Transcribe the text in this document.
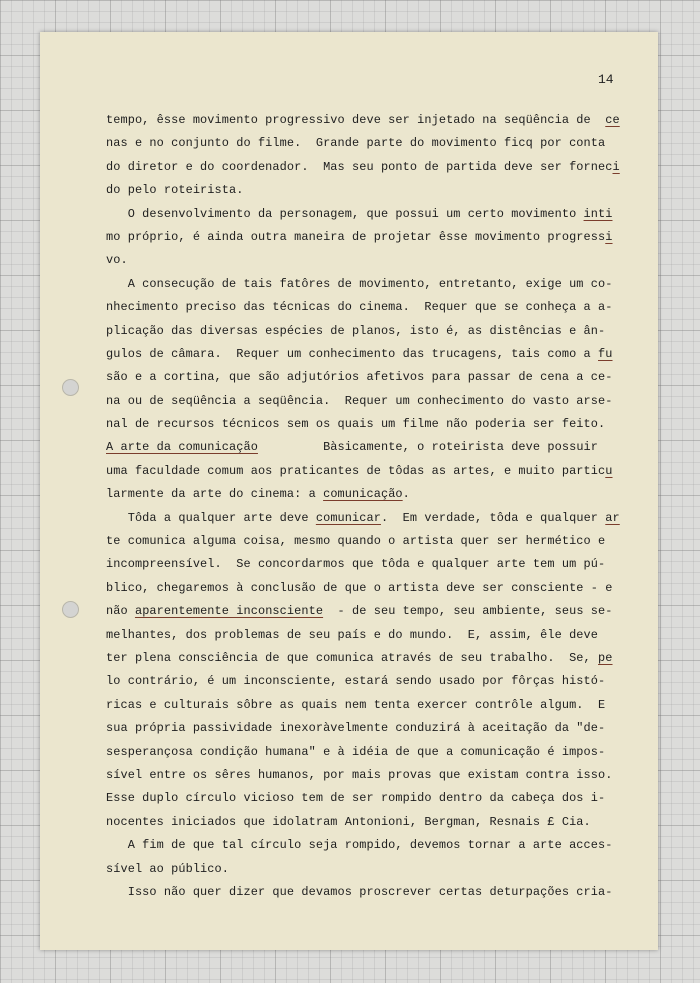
14
tempo, êsse movimento progressivo deve ser injetado na seqüência de  ce
nas e no conjunto do filme.  Grande parte do movimento ficq por conta
do diretor e do coordenador.  Mas seu ponto de partida deve ser forneci
do pelo roteirista.
O desenvolvimento da personagem, que possui um certo movimento inti
mo próprio, é ainda outra maneira de projetar êsse movimento progressi
vo.
A consecução de tais fatôres de movimento, entretanto, exige um co-
nhecimento preciso das técnicas do cinema.  Requer que se conheça a a-
plicação das diversas espécies de planos, isto é, as distências e ân-
gulos de câmara.  Requer um conhecimento das trucagens, tais como a fu
são e a cortina, que são adjutórios afetivos para passar de cena a ce-
na ou de seqüência a seqüência.  Requer um conhecimento do vasto arse-
nal de recursos técnicos sem os quais um filme não poderia ser feito.
A arte da comunicação         Bàsicamente, o roteirista deve possuir
uma faculdade comum aos praticantes de tôdas as artes, e muito particu
larmente da arte do cinema: a comunicação.
Tôda a qualquer arte deve comunicar.  Em verdade, tôda e qualquer ar
te comunica alguma coisa, mesmo quando o artista quer ser hermético e
incompreensível.  Se concordarmos que tôda e qualquer arte tem um pú-
blico, chegaremos à conclusão de que o artista deve ser consciente - e
não aparentemente inconsciente  - de seu tempo, seu ambiente, seus se-
melhantes, dos problemas de seu país e do mundo.  E, assim, êle deve
ter plena consciência de que comunica através de seu trabalho.  Se, pe
lo contrário, é um inconsciente, estará sendo usado por fôrças histó-
ricas e culturais sôbre as quais nem tenta exercer contrôle algum.  E
sua própria passividade inexoràvelmente conduzirá à aceitação da "de-
sesperançosa condição humana" e à idéia de que a comunicação é impos-
sível entre os sêres humanos, por mais provas que existam contra isso.
Esse duplo círculo vicioso tem de ser rompido dentro da cabeça dos i-
nocentes iniciados que idolatram Antonioni, Bergman, Resnais £ Cia.
A fim de que tal círculo seja rompido, devemos tornar a arte acces-
sível ao público.
Isso não quer dizer que devamos proscrever certas deturpações cria-
